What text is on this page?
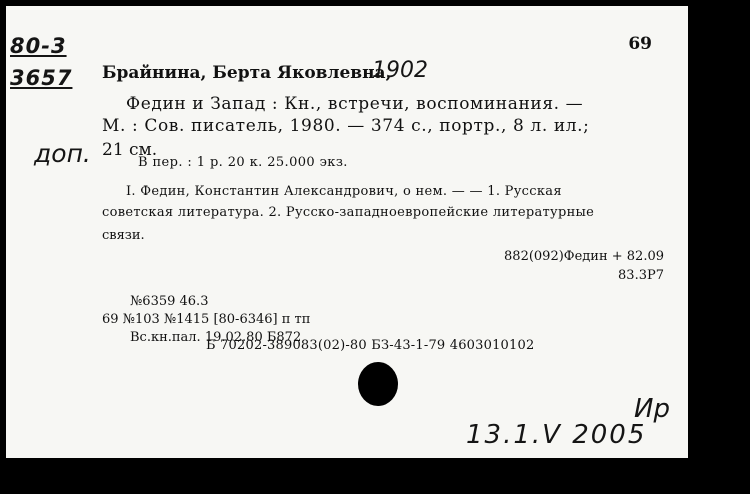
80-3
3657
69
Брайнина, Берта Яковлевна,
1902
Федин и Запад : Кн., встречи, воспоминания. —
М. : Сов. писатель, 1980. — 374 с., портр., 8 л. ил.;
21 см.
доп.	В пер. : 1 р. 20 к. 25.000 экз.
I. Федин, Константин Александрович, о нем. — — 1. Русская
советская литература. 2. Русско-западноевропейские литературные
связи.
882(092)Федин + 82.09
83.3Р7
№6359 46.3
69 №103 №1415 [80-6346] п тп
Вс.кн.пал. 19.02.80 Б872
Б 70202-389083(02)-80 БЗ-43-1-79 4603010102
Ир
13.1.V 2005
